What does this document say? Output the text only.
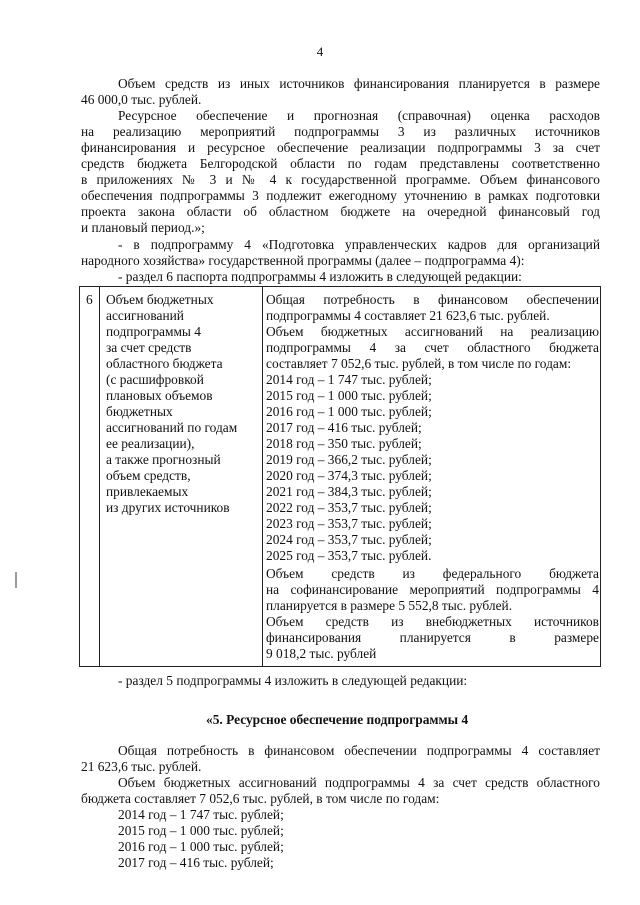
4
Объем средств из иных источников финансирования планируется в размере
46 000,0 тыс. рублей.
Ресурсное обеспечение и прогнозная (справочная) оценка расходов
на реализацию мероприятий подпрограммы 3 из различных источников
финансирования и ресурсное обеспечение реализации подпрограммы 3 за счет
средств бюджета Белгородской области по годам представлены соответственно
в приложениях № 3 и № 4 к государственной программе. Объем финансового
обеспечения подпрограммы 3 подлежит ежегодному уточнению в рамках подготовки
проекта закона области об областном бюджете на очередной финансовый год
и плановый период.»;
- в подпрограмму 4 «Подготовка управленческих кадров для организаций
народного хозяйства» государственной программы (далее – подпрограмма 4):
- раздел 6 паспорта подпрограммы 4 изложить в следующей редакции:
6 Объем бюджетных
ассигнований
подпрограммы 4
за счет средств
областного бюджета
(с расшифровкой
плановых объемов
бюджетных
ассигнований по годам
ее реализации),
а также прогнозный
объем средств,
привлекаемых
из других источников
Общая потребность в финансовом обеспечении
подпрограммы 4 составляет 21 623,6 тыс. рублей.
Объем бюджетных ассигнований на реализацию
подпрограммы 4 за счет областного бюджета
составляет 7 052,6 тыс. рублей, в том числе по годам:
2014 год – 1 747 тыс. рублей;
2015 год – 1 000 тыс. рублей;
2016 год – 1 000 тыс. рублей;
2017 год – 416 тыс. рублей;
2018 год – 350 тыс. рублей;
2019 год – 366,2 тыс. рублей;
2020 год – 374,3 тыс. рублей;
2021 год – 384,3 тыс. рублей;
2022 год – 353,7 тыс. рублей;
2023 год – 353,7 тыс. рублей;
2024 год – 353,7 тыс. рублей;
2025 год – 353,7 тыс. рублей.
Объем средств из федерального бюджета
на софинансирование мероприятий подпрограммы 4
планируется в размере 5 552,8 тыс. рублей.
Объем средств из внебюджетных источников
финансирования планируется в размере
9 018,2 тыс. рублей
- раздел 5 подпрограммы 4 изложить в следующей редакции:
«5. Ресурсное обеспечение подпрограммы 4
Общая потребность в финансовом обеспечении подпрограммы 4 составляет
21 623,6 тыс. рублей.
Объем бюджетных ассигнований подпрограммы 4 за счет средств областного
бюджета составляет 7 052,6 тыс. рублей, в том числе по годам:
2014 год – 1 747 тыс. рублей;
2015 год – 1 000 тыс. рублей;
2016 год – 1 000 тыс. рублей;
2017 год – 416 тыс. рублей;
